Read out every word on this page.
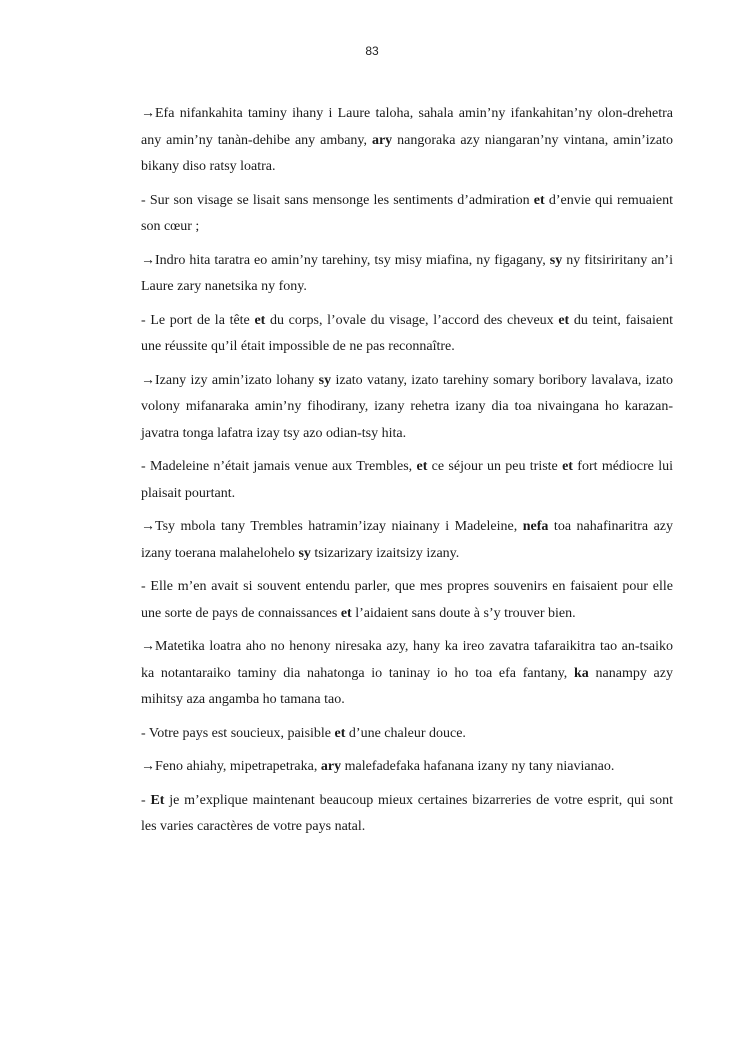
83

→Efa nifankahita taminy ihany i Laure taloha, sahala amin’ny ifankahitan’ny olon-drehetra any amin’ny tanàn-dehibe any ambany, ary nangoraka azy niangaran’ny vintana, amin’izato bikany diso ratsy loatra.

- Sur son visage se lisait sans mensonge les sentiments d’admiration et d’envie qui remuaient son cœur ;

→Indro hita taratra eo amin’ny tarehiny, tsy misy miafina, ny figagany, sy ny fitsiriritany an’i Laure zary nanetsika ny fony.

- Le port de la tête et du corps, l’ovale du visage, l’accord des cheveux et du teint, faisaient une réussite qu’il était impossible de ne pas reconnaître.

→Izany izy amin’izato lohany sy izato vatany, izato tarehiny somary boribory lavalava, izato volony mifanaraka amin’ny fihodirany, izany rehetra izany dia toa nivaingana ho karazan-javatra tonga lafatra izay tsy azo odian-tsy hita.

- Madeleine n’était jamais venue aux Trembles, et ce séjour un peu triste et fort médiocre lui plaisait pourtant.

→Tsy mbola tany Trembles hatramin’izay niainany i Madeleine, nefa toa nahafinaritra azy izany toerana malahelohelo sy tsizarizary izaitsizy izany.

- Elle m’en avait si souvent entendu parler, que mes propres souvenirs en faisaient pour elle une sorte de pays de connaissances et l’aidaient sans doute à s’y trouver bien.

→Matetika loatra aho no henony niresaka azy, hany ka ireo zavatra tafaraikitra tao an-tsaiko ka notantaraiko taminy dia nahatonga io taninay io ho toa efa fantany, ka nanampy azy mihitsy aza angamba ho tamana tao.

- Votre pays est soucieux, paisible et d’une chaleur douce.

→Feno ahiahy, mipetrapetraka, ary malefadefaka hafanana izany ny tany niavianao.

- Et je m’explique maintenant beaucoup mieux certaines bizarreries de votre esprit, qui sont les varies caractères de votre pays natal.
